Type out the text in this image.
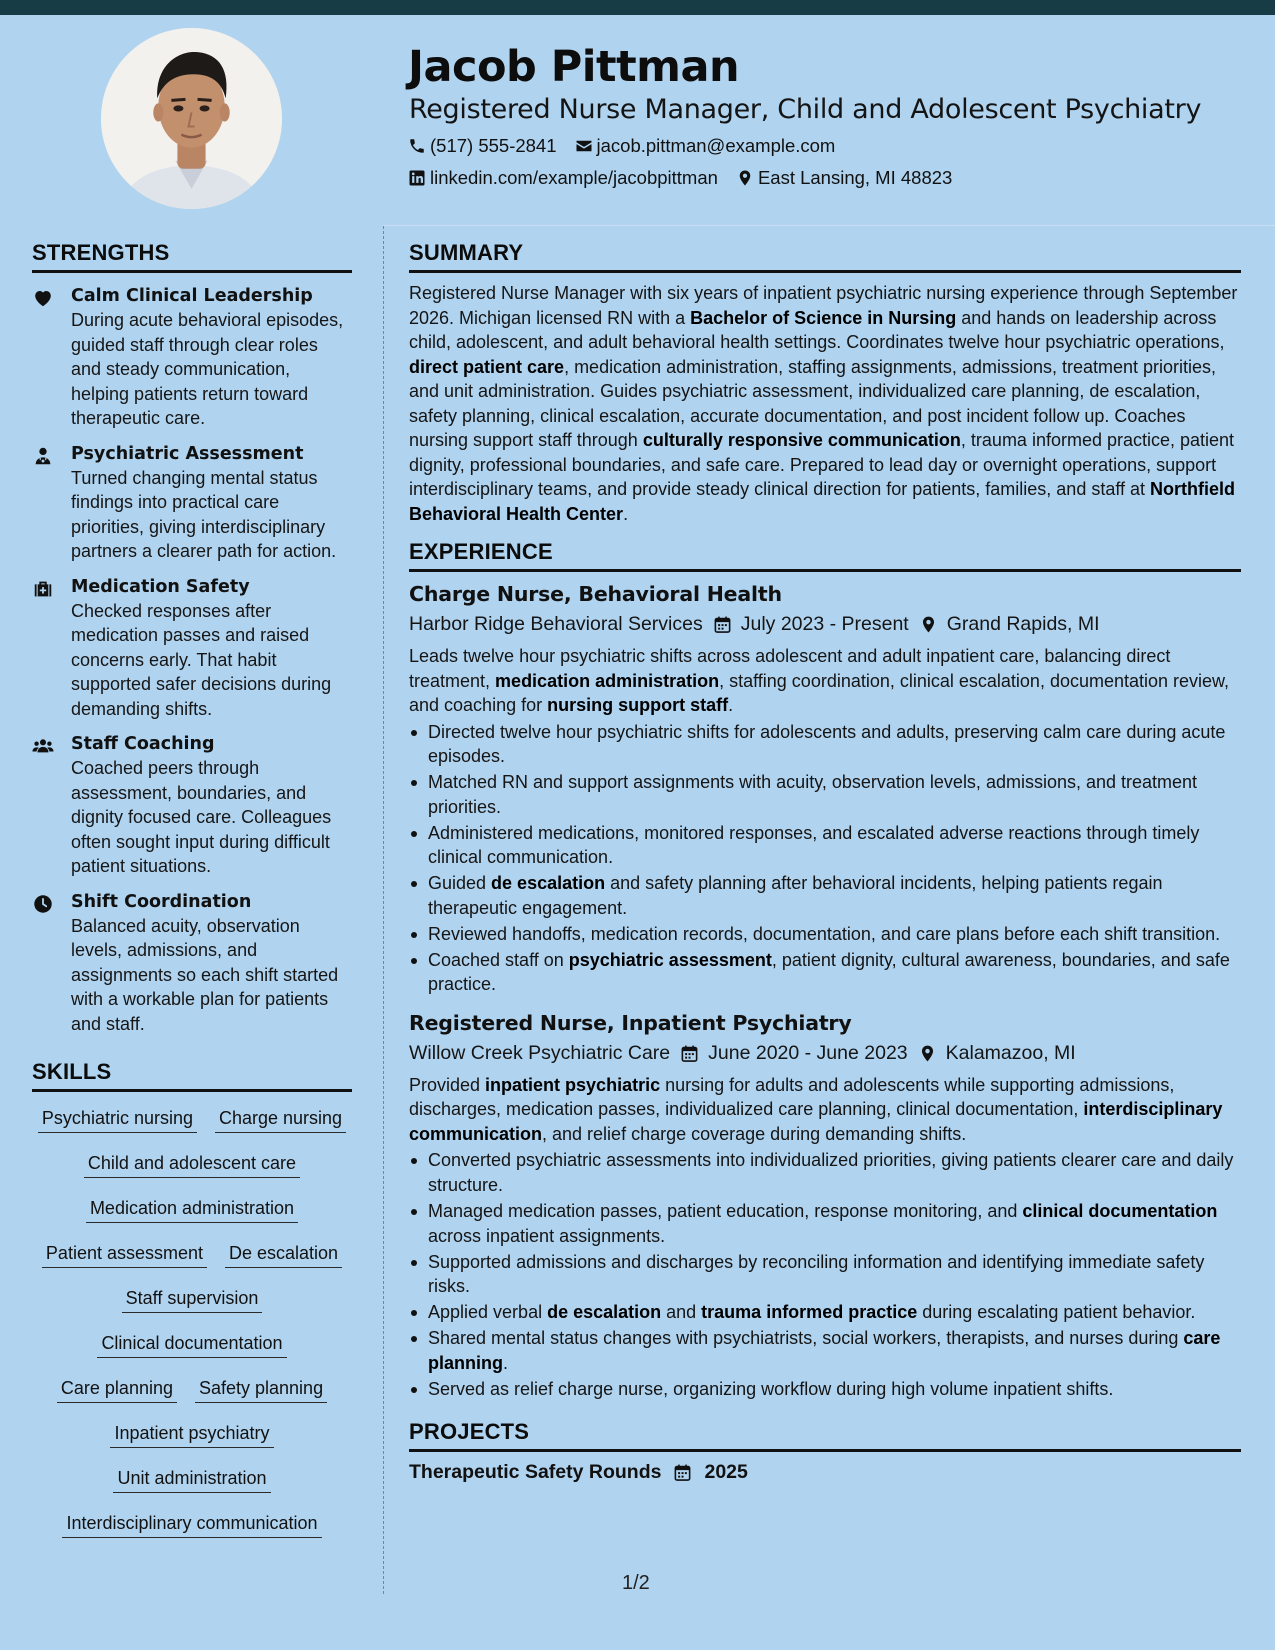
Jacob Pittman
Registered Nurse Manager, Child and Adolescent Psychiatry
(517) 555-2841 jacob.pittman@example.com
linkedin.com/example/jacobpittman East Lansing, MI 48823
STRENGTHS
Calm Clinical Leadership
During acute behavioral episodes, guided staff through clear roles and steady communication, helping patients return toward therapeutic care.
Psychiatric Assessment
Turned changing mental status findings into practical care priorities, giving interdisciplinary partners a clearer path for action.
Medication Safety
Checked responses after medication passes and raised concerns early. That habit supported safer decisions during demanding shifts.
Staff Coaching
Coached peers through assessment, boundaries, and dignity focused care. Colleagues often sought input during difficult patient situations.
Shift Coordination
Balanced acuity, observation levels, admissions, and assignments so each shift started with a workable plan for patients and staff.
SKILLS
Psychiatric nursing Charge nursing
Child and adolescent care
Medication administration
Patient assessment De escalation
Staff supervision
Clinical documentation
Care planning Safety planning
Inpatient psychiatry
Unit administration
Interdisciplinary communication
SUMMARY
Registered Nurse Manager with six years of inpatient psychiatric nursing experience through September 2026. Michigan licensed RN with a Bachelor of Science in Nursing and hands on leadership across child, adolescent, and adult behavioral health settings. Coordinates twelve hour psychiatric operations, direct patient care, medication administration, staffing assignments, admissions, treatment priorities, and unit administration. Guides psychiatric assessment, individualized care planning, de escalation, safety planning, clinical escalation, accurate documentation, and post incident follow up. Coaches nursing support staff through culturally responsive communication, trauma informed practice, patient dignity, professional boundaries, and safe care. Prepared to lead day or overnight operations, support interdisciplinary teams, and provide steady clinical direction for patients, families, and staff at Northfield Behavioral Health Center.
EXPERIENCE
Charge Nurse, Behavioral Health
Harbor Ridge Behavioral Services July 2023 - Present Grand Rapids, MI
Leads twelve hour psychiatric shifts across adolescent and adult inpatient care, balancing direct treatment, medication administration, staffing coordination, clinical escalation, documentation review, and coaching for nursing support staff.
Directed twelve hour psychiatric shifts for adolescents and adults, preserving calm care during acute episodes.
Matched RN and support assignments with acuity, observation levels, admissions, and treatment priorities.
Administered medications, monitored responses, and escalated adverse reactions through timely clinical communication.
Guided de escalation and safety planning after behavioral incidents, helping patients regain therapeutic engagement.
Reviewed handoffs, medication records, documentation, and care plans before each shift transition.
Coached staff on psychiatric assessment, patient dignity, cultural awareness, boundaries, and safe practice.
Registered Nurse, Inpatient Psychiatry
Willow Creek Psychiatric Care June 2020 - June 2023 Kalamazoo, MI
Provided inpatient psychiatric nursing for adults and adolescents while supporting admissions, discharges, medication passes, individualized care planning, clinical documentation, interdisciplinary communication, and relief charge coverage during demanding shifts.
Converted psychiatric assessments into individualized priorities, giving patients clearer care and daily structure.
Managed medication passes, patient education, response monitoring, and clinical documentation across inpatient assignments.
Supported admissions and discharges by reconciling information and identifying immediate safety risks.
Applied verbal de escalation and trauma informed practice during escalating patient behavior.
Shared mental status changes with psychiatrists, social workers, therapists, and nurses during care planning.
Served as relief charge nurse, organizing workflow during high volume inpatient shifts.
PROJECTS
Therapeutic Safety Rounds 2025
1/2
